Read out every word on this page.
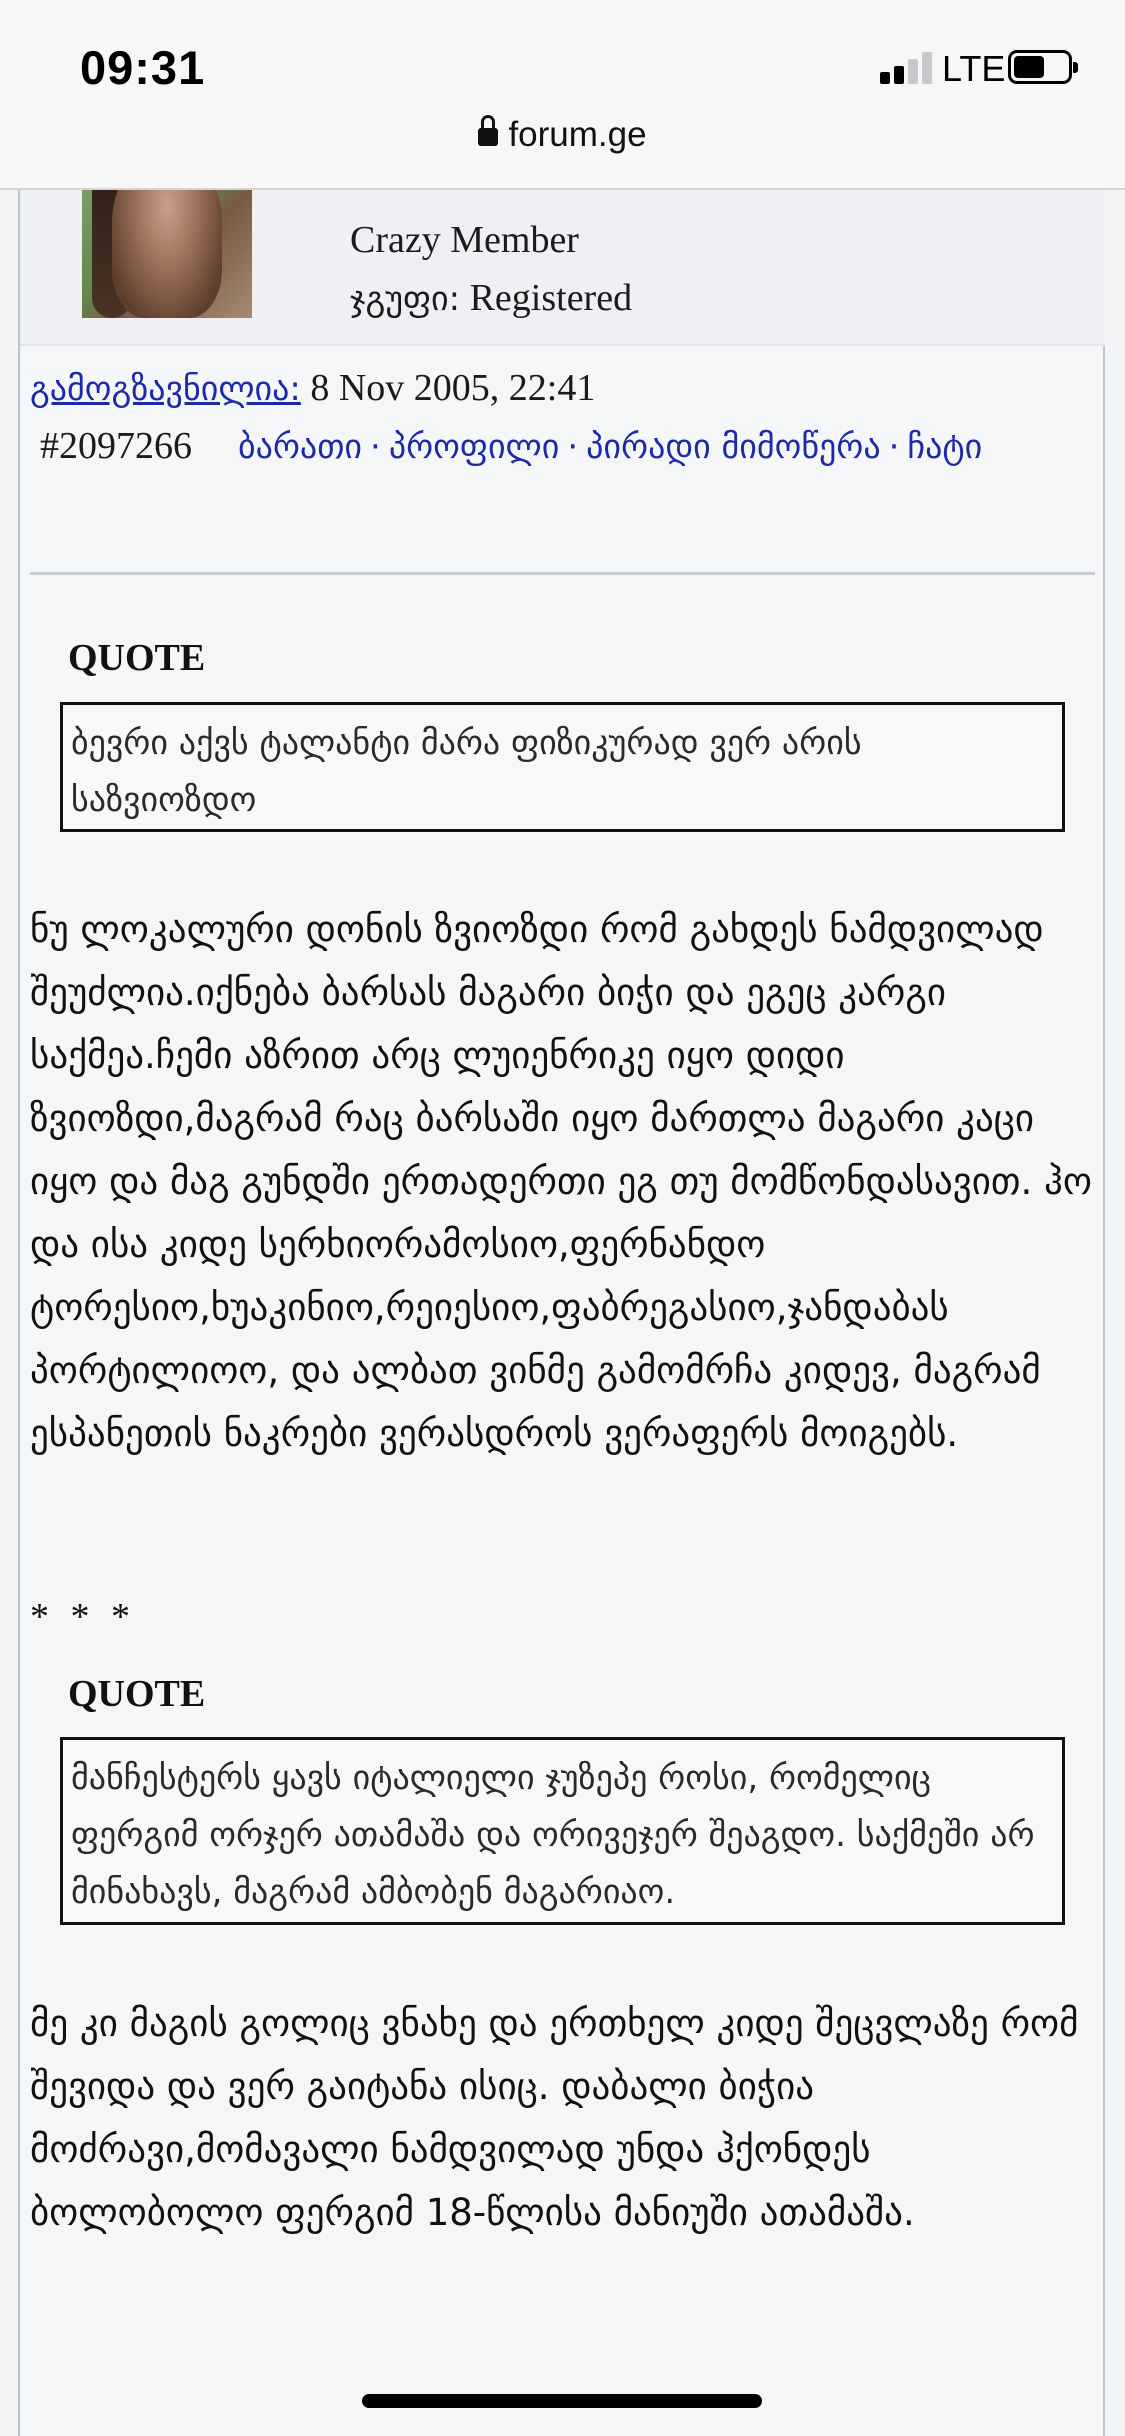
Crazy Member
ჯგუფი: Registered
გამოგზავნილია: 8 Nov 2005, 22:41
#2097266 ბარათი · პროფილი · პირადი მიმოწერა · ჩატი
QUOTE
ბევრი აქვს ტალანტი მარა ფიზიკურად ვერ არის საზვიოზდო
ნუ ლოკალური დონის ზვიოზდი რომ გახდეს ნამდვილად შეუძლია.იქნება ბარსას მაგარი ბიჭი და ეგეც კარგი საქმეა.ჩემი აზრით არც ლუიენრიკე იყო დიდი ზვიოზდი,მაგრამ რაც ბარსაში იყო მართლა მაგარი კაცი იყო და მაგ გუნდში ერთადერთი ეგ თუ მომწონდასავით. ჰო და ისა კიდე სერხიორამოსიო,ფერნანდო ტორესიო,ხუაკინიო,რეიესიო,ფაბრეგასიო,ჯანდაბას პორტილიოო, და ალბათ ვინმე გამომრჩა კიდევ, მაგრამ ესპანეთის ნაკრები ვერასდროს ვერაფერს მოიგებს.
* * *
QUOTE
მანჩესტერს ყავს იტალიელი ჯუზეპე როსი, რომელიც ფერგიმ ორჯერ ათამაშა და ორივეჯერ შეაგდო. საქმეში არ მინახავს, მაგრამ ამბობენ მაგარიაო.
მე კი მაგის გოლიც ვნახე და ერთხელ კიდე შეცვლაზე რომ შევიდა და ვერ გაიტანა ისიც. დაბალი ბიჭია მოძრავი,მომავალი ნამდვილად უნდა ჰქონდეს ბოლობოლო ფერგიმ 18-წლისა მანიუში ათამაშა.
09:31	LTE
forum.ge
